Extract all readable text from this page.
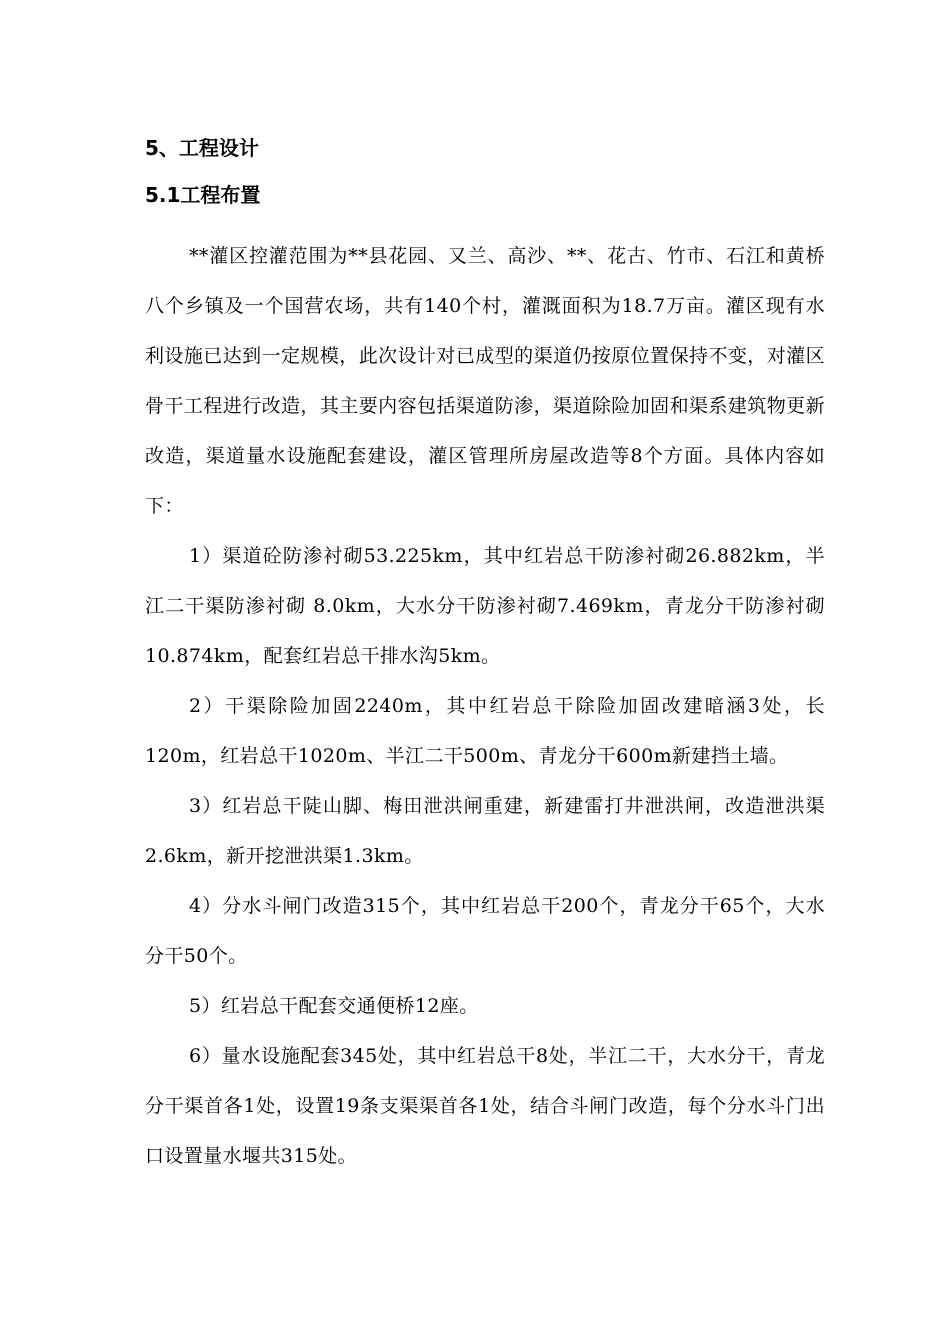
5、工程设计
5.1工程布置

**灌区控灌范围为**县花园、又兰、高沙、**、花古、竹市、石江和黄桥八个乡镇及一个国营农场，共有140个村，灌溉面积为18.7万亩。灌区现有水利设施已达到一定规模，此次设计对已成型的渠道仍按原位置保持不变，对灌区骨干工程进行改造，其主要内容包括渠道防渗，渠道除险加固和渠系建筑物更新改造，渠道量水设施配套建设，灌区管理所房屋改造等8个方面。具体内容如下：

1）渠道砼防渗衬砌53.225km，其中红岩总干防渗衬砌26.882km，半江二干渠防渗衬砌 8.0km，大水分干防渗衬砌7.469km，青龙分干防渗衬砌10.874km，配套红岩总干排水沟5km。

2）干渠除险加固2240m，其中红岩总干除险加固改建暗涵3处，长120m，红岩总干1020m、半江二干500m、青龙分干600m新建挡土墙。

3）红岩总干陡山脚、梅田泄洪闸重建，新建雷打井泄洪闸，改造泄洪渠2.6km，新开挖泄洪渠1.3km。

4）分水斗闸门改造315个，其中红岩总干200个，青龙分干65个，大水分干50个。

5）红岩总干配套交通便桥12座。

6）量水设施配套345处，其中红岩总干8处，半江二干，大水分干，青龙分干渠首各1处，设置19条支渠渠首各1处，结合斗闸门改造，每个分水斗门出口设置量水堰共315处。
